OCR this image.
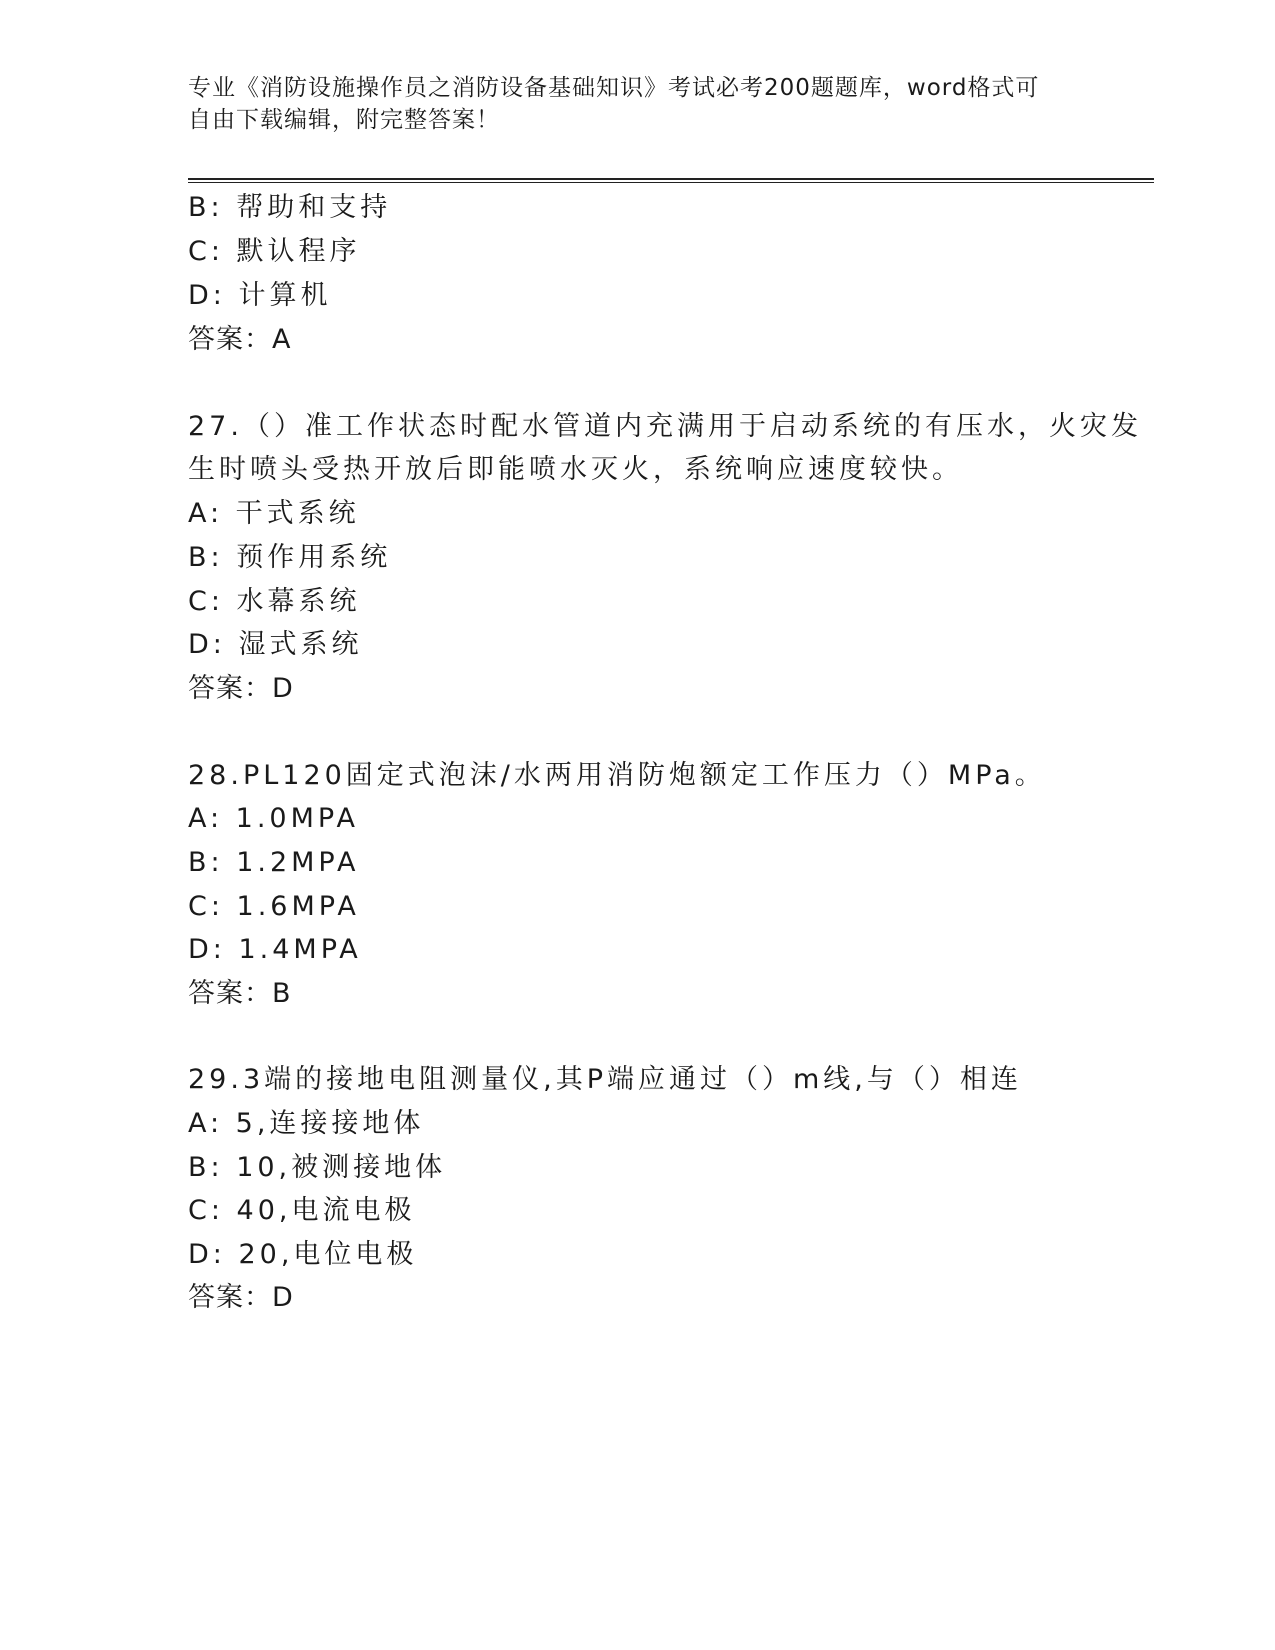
专业《消防设施操作员之消防设备基础知识》考试必考200题题库，word格式可
自由下载编辑，附完整答案！
B: 帮助和支持
C: 默认程序
D: 计算机
答案：A
27.（）准工作状态时配水管道内充满用于启动系统的有压水，火灾发
生时喷头受热开放后即能喷水灭火，系统响应速度较快。
A: 干式系统
B: 预作用系统
C: 水幕系统
D: 湿式系统
答案：D
28.PL120固定式泡沫/水两用消防炮额定工作压力（）MPa。
A: 1.0MPA
B: 1.2MPA
C: 1.6MPA
D: 1.4MPA
答案：B
29.3端的接地电阻测量仪,其P端应通过（）m线,与（）相连
A: 5,连接接地体
B: 10,被测接地体
C: 40,电流电极
D: 20,电位电极
答案：D
